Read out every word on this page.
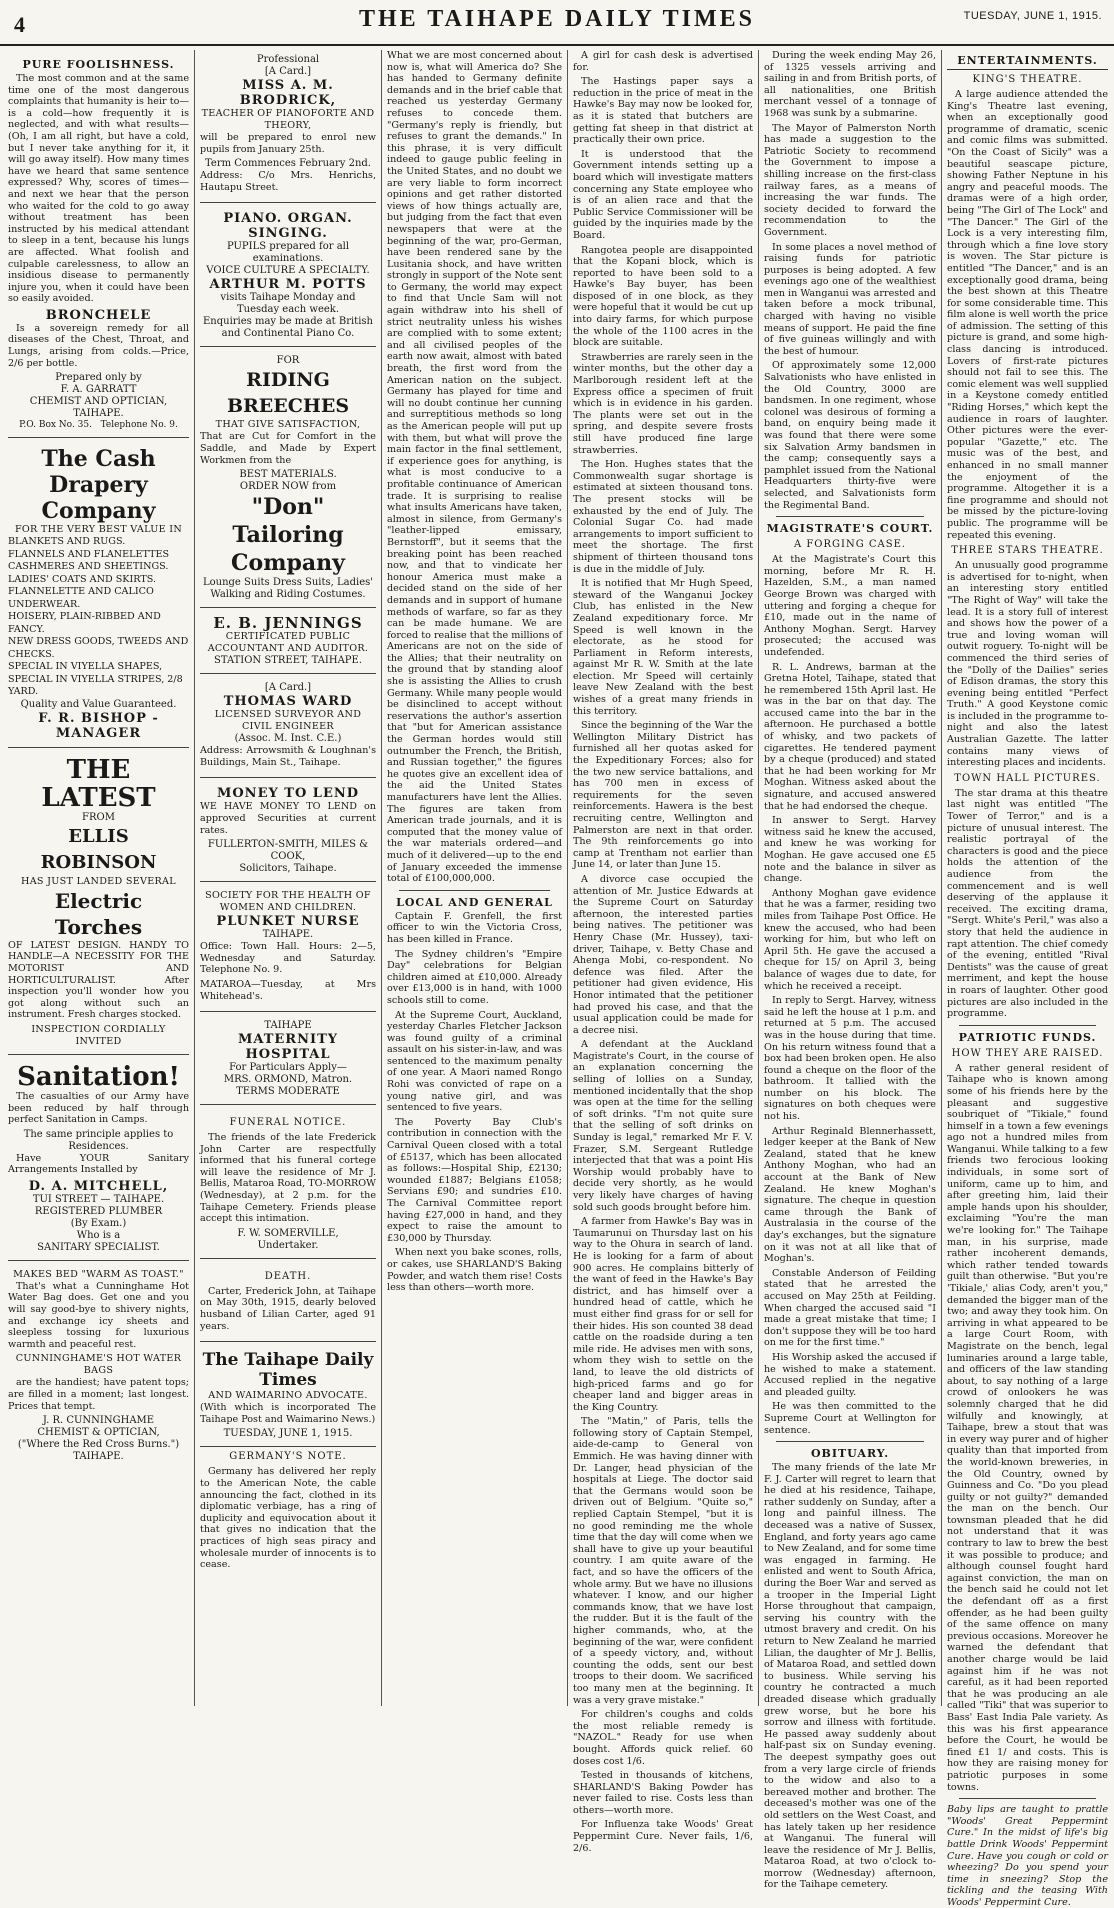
4	THE TAIHAPE DAILY TIMES	TUESDAY, JUNE 1, 1915.
PURE FOOLISHNESS.
The most common and at the same time one of the most dangerous complaints that humanity is heir to—is a cold—how frequently it is neglected, and with what results—(Oh, I am all right, but have a cold, but I never take anything for it, it will go away itself). How many times have we heard that same sentence expressed? Why, scores of times—and next we hear that the person who waited for the cold to go away without treatment has been instructed by his medical attendant to sleep in a tent, because his lungs are affected. What foolish and culpable carelessness, to allow an insidious disease to permanently injure you, when it could have been so easily avoided.
BRONCHELE
Is a sovereign remedy for all diseases of the Chest, Throat, and Lungs, arising from colds.—Price, 2/6 per bottle.
Prepared only by
F. A. GARRATT
CHEMIST AND OPTICIAN,
TAIHAPE.
P.O. Box No. 35. Telephone No. 9.
The Cash Drapery Company
FOR THE VERY BEST VALUE IN
BLANKETS AND RUGS.
FLANNELS AND FLANELETTES
CASHMERES AND SHEETINGS.
LADIES' COATS AND SKIRTS.
FLANNELETTE AND CALICO UNDERWEAR.
HOISERY, PLAIN-RIBBED AND FANCY.
NEW DRESS GOODS, TWEEDS AND CHECKS.
SPECIAL IN VIYELLA SHAPES,
SPECIAL IN VIYELLA STRIPES, 2/8 YARD.
Quality and Value Guaranteed.
F. R. BISHOP - MANAGER
THE LATEST
FROM
ELLIS ROBINSON
HAS JUST LANDED SEVERAL
Electric Torches
OF LATEST DESIGN. HANDY TO HANDLE—A NECESSITY FOR THE MOTORIST AND HORTICULTURALIST. After inspection you'll wonder how you got along without such an instrument. Fresh charges stocked.
INSPECTION CORDIALLY INVITED
Sanitation!
The casualties of our Army have been reduced by half through perfect Sanitation in Camps.
The same principle applies to Residences.
Have YOUR Sanitary Arrangements Installed by
D. A. MITCHELL,
TUI STREET — TAIHAPE.
REGISTERED PLUMBER
(By Exam.)
Who is a
SANITARY SPECIALIST.
MAKES BED "WARM AS TOAST."
That's what a Cunninghame Hot Water Bag does. Get one and you will say good-bye to shivery nights, and exchange icy sheets and sleepless tossing for luxurious warmth and peaceful rest.
CUNNINGHAME'S HOT WATER BAGS
are the handiest; have patent tops; are filled in a moment; last longest. Prices that tempt.
J. R. CUNNINGHAME
CHEMIST & OPTICIAN,
("Where the Red Cross Burns.")
TAIHAPE.
Professional
[A Card.]
MISS A. M. BRODRICK,
TEACHER OF PIANOFORTE AND THEORY,
will be prepared to enrol new pupils from January 25th.
Term Commences February 2nd.
Address: C/o Mrs. Henrichs, Hautapu Street.
PIANO. ORGAN. SINGING.
PUPILS prepared for all examinations.
VOICE CULTURE A SPECIALTY.
ARTHUR M. POTTS
visits Taihape Monday and Tuesday each week.
Enquiries may be made at British and Continental Piano Co.
FOR
RIDING BREECHES
THAT GIVE SATISFACTION,
That are Cut for Comfort in the Saddle, and Made by Expert Workmen from the
BEST MATERIALS.
ORDER NOW from
"Don" Tailoring Company
Lounge Suits Dress Suits, Ladies' Walking and Riding Costumes.
E. B. JENNINGS
CERTIFICATED PUBLIC ACCOUNTANT AND AUDITOR.
STATION STREET, TAIHAPE.
[A Card.]
THOMAS WARD
LICENSED SURVEYOR AND CIVIL ENGINEER
(Assoc. M. Inst. C.E.)
Address: Arrowsmith & Loughnan's Buildings, Main St., Taihape.
MONEY TO LEND
WE HAVE MONEY TO LEND on approved Securities at current rates.
FULLERTON-SMITH, MILES & COOK,
Solicitors, Taihape.
SOCIETY FOR THE HEALTH OF WOMEN AND CHILDREN.
PLUNKET NURSE
TAIHAPE.
Office: Town Hall. Hours: 2—5, Wednesday and Saturday. Telephone No. 9.
MATAROA—Tuesday, at Mrs Whitehead's.
TAIHAPE
MATERNITY HOSPITAL
For Particulars Apply—
MRS. ORMOND, Matron.
TERMS MODERATE
FUNERAL NOTICE.
The friends of the late Frederick John Carter are respectfully informed that his funeral cortege will leave the residence of Mr J. Bellis, Mataroa Road, TO-MORROW (Wednesday), at 2 p.m. for the Taihape Cemetery. Friends please accept this intimation.
F. W. SOMERVILLE,
Undertaker.
DEATH.
Carter, Frederick John, at Taihape on May 30th, 1915, dearly beloved husband of Lilian Carter, aged 91 years.
The Taihape Daily Times
AND WAIMARINO ADVOCATE.
(With which is incorporated The Taihape Post and Waimarino News.)
TUESDAY, JUNE 1, 1915.
GERMANY'S NOTE.
Germany has delivered her reply to the American Note, the cable announcing the fact, clothed in its diplomatic verbiage, has a ring of duplicity and equivocation about it that gives no indication that the practices of high seas piracy and wholesale murder of innocents is to cease.
What we are most concerned about now is, what will America do? She has handed to Germany definite demands and in the brief cable that reached us yesterday Germany refuses to concede them. "Germany's reply is friendly, but refuses to grant the demands." In this phrase, it is very difficult indeed to gauge public feeling in the United States, and no doubt we are very liable to form incorrect opinions and get rather distorted views of how things actually are, but judging from the fact that even newspapers that were at the beginning of the war, pro-German, have been rendered sane by the Lusitania shock, and have written strongly in support of the Note sent to Germany, the world may expect to find that Uncle Sam will not again withdraw into his shell of strict neutrality unless his wishes are complied with to some extent; and all civilised peoples of the earth now await, almost with bated breath, the first word from the American nation on the subject. Germany has played for time and will no doubt continue her cunning and surreptitious methods so long as the American people will put up with them, but what will prove the main factor in the final settlement, if experience goes for anything, is what is most conducive to a profitable continuance of American trade. It is surprising to realise what insults Americans have taken, almost in silence, from Germany's "leather-lipped emissary, Bernstorff", but it seems that the breaking point has been reached now, and that to vindicate her honour America must make a decided stand on the side of her demands and in support of humane methods of warfare, so far as they can be made humane. We are forced to realise that the millions of Americans are not on the side of the Allies; that their neutrality on the ground that by standing aloof she is assisting the Allies to crush Germany. While many people would be disinclined to accept without reservations the author's assertion that "but for American assistance the German hordes would still outnumber the French, the British, and Russian together," the figures he quotes give an excellent idea of the aid the United States manufacturers have lent the Allies. The figures are taken from American trade journals, and it is computed that the money value of the war materials ordered—and much of it delivered—up to the end of January exceeded the immense total of £100,000,000.
LOCAL AND GENERAL
Captain F. Grenfell, the first officer to win the Victoria Cross, has been killed in France.
The Sydney children's "Empire Day" celebrations for Belgian children aimed at £10,000. Already over £13,000 is in hand, with 1000 schools still to come.
At the Supreme Court, Auckland, yesterday Charles Fletcher Jackson was found guilty of a criminal assault on his sister-in-law, and was sentenced to the maximum penalty of one year. A Maori named Rongo Rohi was convicted of rape on a young native girl, and was sentenced to five years.
The Poverty Bay Club's contribution in connection with the Carnival Queen closed with a total of £5137, which has been allocated as follows:—Hospital Ship, £2130; wounded £1887; Belgians £1058; Servians £90; and sundries £10. The Carnival Committee report having £27,000 in hand, and they expect to raise the amount to £30,000 by Thursday.
When next you bake scones, rolls, or cakes, use SHARLAND'S Baking Powder, and watch them rise! Costs less than others—worth more.
A girl for cash desk is advertised for.
The Hastings paper says a reduction in the price of meat in the Hawke's Bay may now be looked for, as it is stated that butchers are getting fat sheep in that district at practically their own price.
It is understood that the Government intends setting up a board which will investigate matters concerning any State employee who is of an alien race and that the Public Service Commissioner will be guided by the inquiries made by the Board.
Rangotea people are disappointed that the Kopani block, which is reported to have been sold to a Hawke's Bay buyer, has been disposed of in one block, as they were hopeful that it would be cut up into dairy farms, for which purpose the whole of the 1100 acres in the block are suitable.
Strawberries are rarely seen in the winter months, but the other day a Marlborough resident left at the Express office a specimen of fruit which is in evidence in his garden. The plants were set out in the spring, and despite severe frosts still have produced fine large strawberries.
The Hon. Hughes states that the Commonwealth sugar shortage is estimated at sixteen thousand tons. The present stocks will be exhausted by the end of July. The Colonial Sugar Co. had made arrangements to import sufficient to meet the shortage. The first shipment of thirteen thousand tons is due in the middle of July.
It is notified that Mr Hugh Speed, steward of the Wanganui Jockey Club, has enlisted in the New Zealand expeditionary force. Mr Speed is well known in the electorate, as he stood for Parliament in Reform interests, against Mr R. W. Smith at the late election. Mr Speed will certainly leave New Zealand with the best wishes of a great many friends in this territory.
Since the beginning of the War the Wellington Military District has furnished all her quotas asked for the Expeditionary Forces; also for the two new service battalions, and has 700 men in excess of requirements for the seven reinforcements. Hawera is the best recruiting centre, Wellington and Palmerston are next in that order. The 9th reinforcements go into camp at Trentham not earlier than June 14, or later than June 15.
A divorce case occupied the attention of Mr. Justice Edwards at the Supreme Court on Saturday afternoon, the interested parties being natives. The petitioner was Henry Chase (Mr. Hussey), taxi-driver, Taihape, v. Betty Chase and Ahenga Mobi, co-respondent. No defence was filed. After the petitioner had given evidence, His Honor intimated that the petitioner had proved his case, and that the usual application could be made for a decree nisi.
A defendant at the Auckland Magistrate's Court, in the course of an explanation concerning the selling of lollies on a Sunday, mentioned incidentally that the shop was open at the time for the selling of soft drinks. "I'm not quite sure that the selling of soft drinks on Sunday is legal," remarked Mr F. V. Frazer, S.M. Sergeant Rutledge interjected that that was a point His Worship would probably have to decide very shortly, as he would very likely have charges of having sold such goods brought before him.
A farmer from Hawke's Bay was in Taumarunui on Thursday last on his way to the Ohura in search of land. He is looking for a farm of about 900 acres. He complains bitterly of the want of feed in the Hawke's Bay district, and has himself over a hundred head of cattle, which he must either find grass for or sell for their hides. His son counted 38 dead cattle on the roadside during a ten mile ride. He advises men with sons, whom they wish to settle on the land, to leave the old districts of high-priced farms and go for cheaper land and bigger areas in the King Country.
The "Matin," of Paris, tells the following story of Captain Stempel, aide-de-camp to General von Emmich. He was having dinner with Dr. Langer, head physician of the hospitals at Liege. The doctor said that the Germans would soon be driven out of Belgium. "Quite so," replied Captain Stempel, "but it is no good reminding me the whole time that the day will come when we shall have to give up your beautiful country. I am quite aware of the fact, and so have the officers of the whole army. But we have no illusions whatever. I know, and our higher commands know, that we have lost the rudder. But it is the fault of the higher commands, who, at the beginning of the war, were confident of a speedy victory, and, without counting the odds, sent our best troops to their doom. We sacrificed too many men at the beginning. It was a very grave mistake."
For children's coughs and colds the most reliable remedy is "NAZOL." Ready for use when bought. Affords quick relief. 60 doses cost 1/6.
Tested in thousands of kitchens, SHARLAND'S Baking Powder has never failed to rise. Costs less than others—worth more.
For Influenza take Woods' Great Peppermint Cure. Never fails, 1/6, 2/6.
During the week ending May 26, of 1325 vessels arriving and sailing in and from British ports, of all nationalities, one British merchant vessel of a tonnage of 1968 was sunk by a submarine.
The Mayor of Palmerston North has made a suggestion to the Patriotic Society to recommend the Government to impose a shilling increase on the first-class railway fares, as a means of increasing the war funds. The society decided to forward the recommendation to the Government.
In some places a novel method of raising funds for patriotic purposes is being adopted. A few evenings ago one of the wealthiest men in Wanganui was arrested and taken before a mock tribunal, charged with having no visible means of support. He paid the fine of five guineas willingly and with the best of humour.
Of approximately some 12,000 Salvationists who have enlisted in the Old Country, 3000 are bandsmen. In one regiment, whose colonel was desirous of forming a band, on enquiry being made it was found that there were some six Salvation Army bandsmen in the camp; consequently says a pamphlet issued from the National Headquarters thirty-five were selected, and Salvationists form the Regimental Band.
MAGISTRATE'S COURT.
A FORGING CASE.
At the Magistrate's Court this morning, before Mr R. H. Hazelden, S.M., a man named George Brown was charged with uttering and forging a cheque for £10, made out in the name of Anthony Moghan. Sergt. Harvey prosecuted; the accused was undefended.
R. L. Andrews, barman at the Gretna Hotel, Taihape, stated that he remembered 15th April last. He was in the bar on that day. The accused came into the bar in the afternoon. He purchased a bottle of whisky, and two packets of cigarettes. He tendered payment by a cheque (produced) and stated that he had been working for Mr Moghan. Witness asked about the signature, and accused answered that he had endorsed the cheque.
In answer to Sergt. Harvey witness said he knew the accused, and knew he was working for Moghan. He gave accused one £5 note and the balance in silver as change.
Anthony Moghan gave evidence that he was a farmer, residing two miles from Taihape Post Office. He knew the accused, who had been working for him, but who left on April 5th. He gave the accused a cheque for 15/ on April 3, being balance of wages due to date, for which he received a receipt.
In reply to Sergt. Harvey, witness said he left the house at 1 p.m. and returned at 5 p.m. The accused was in the house during that time. On his return witness found that a box had been broken open. He also found a cheque on the floor of the bathroom. It tallied with the number on his block. The signatures on both cheques were not his.
Arthur Reginald Blennerhassett, ledger keeper at the Bank of New Zealand, stated that he knew Anthony Moghan, who had an account at the Bank of New Zealand. He knew Moghan's signature. The cheque in question came through the Bank of Australasia in the course of the day's exchanges, but the signature on it was not at all like that of Moghan's.
Constable Anderson of Feilding stated that he arrested the accused on May 25th at Feilding. When charged the accused said "I made a great mistake that time; I don't suppose they will be too hard on me for the first time."
His Worship asked the accused if he wished to make a statement. Accused replied in the negative and pleaded guilty.
He was then committed to the Supreme Court at Wellington for sentence.
OBITUARY.
The many friends of the late Mr F. J. Carter will regret to learn that he died at his residence, Taihape, rather suddenly on Sunday, after a long and painful illness. The deceased was a native of Sussex, England, and forty years ago came to New Zealand, and for some time was engaged in farming. He enlisted and went to South Africa, during the Boer War and served as a trooper in the Imperial Light Horse throughout that campaign, serving his country with the utmost bravery and credit. On his return to New Zealand he married Lilian, the daughter of Mr J. Bellis, of Mataroa Road, and settled down to business. While serving his country he contracted a much dreaded disease which gradually grew worse, but he bore his sorrow and illness with fortitude. He passed away suddenly about half-past six on Sunday evening. The deepest sympathy goes out from a very large circle of friends to the widow and also to a bereaved mother and brother. The deceased's mother was one of the old settlers on the West Coast, and has lately taken up her residence at Wanganui. The funeral will leave the residence of Mr J. Bellis, Mataroa Road, at two o'clock to-morrow (Wednesday) afternoon, for the Taihape cemetery.
ENTERTAINMENTS.
KING'S THEATRE.
A large audience attended the King's Theatre last evening, when an exceptionally good programme of dramatic, scenic and comic films was submitted. "On the Coast of Sicily" was a beautiful seascape picture, showing Father Neptune in his angry and peaceful moods. The dramas were of a high order, being "The Girl of The Lock" and "The Dancer." The Girl of the Lock is a very interesting film, through which a fine love story is woven. The Star picture is entitled "The Dancer," and is an exceptionally good drama, being the best shown at this Theatre for some considerable time. This film alone is well worth the price of admission. The setting of this picture is grand, and some high-class dancing is introduced. Lovers of first-rate pictures should not fail to see this. The comic element was well supplied in a Keystone comedy entitled "Riding Horses," which kept the audience in roars of laughter. Other pictures were the ever-popular "Gazette," etc. The music was of the best, and enhanced in no small manner the enjoyment of the programme. Altogether it is a fine programme and should not be missed by the picture-loving public. The programme will be repeated this evening.
THREE STARS THEATRE.
An unusually good programme is advertised for to-night, when an interesting story entitled "The Right of Way" will take the lead. It is a story full of interest and shows how the power of a true and loving woman will outwit roguery. To-night will be commenced the third series of the "Dolly of the Dailies" series of Edison dramas, the story this evening being entitled "Perfect Truth." A good Keystone comic is included in the programme to-night and also the latest Australian Gazette. The latter contains many views of interesting places and incidents.
TOWN HALL PICTURES.
The star drama at this theatre last night was entitled "The Tower of Terror," and is a picture of unusual interest. The realistic portrayal of the characters is good and the piece holds the attention of the audience from the commencement and is well deserving of the applause it received. The exciting drama, "Sergt. White's Peril," was also a story that held the audience in rapt attention. The chief comedy of the evening, entitled "Rival Dentists" was the cause of great merriment, and kept the house in roars of laughter. Other good pictures are also included in the programme.
PATRIOTIC FUNDS.
HOW THEY ARE RAISED.
A rather general resident of Taihape who is known among some of his friends here by the pleasant and suggestive soubriquet of "Tikiale," found himself in a town a few evenings ago not a hundred miles from Wanganui. While talking to a few friends two ferocious looking individuals, in some sort of uniform, came up to him, and after greeting him, laid their ample hands upon his shoulder, exclaiming "You're the man we're looking for." The Taihape man, in his surprise, made rather incoherent demands, which rather tended towards guilt than otherwise. "But you're 'Tikiale,' alias Cody, aren't you," demanded the bigger man of the two; and away they took him. On arriving in what appeared to be a large Court Room, with Magistrate on the bench, legal luminaries around a large table, and officers of the law standing about, to say nothing of a large crowd of onlookers he was solemnly charged that he did wilfully and knowingly, at Taihape, brew a stout that was in every way purer and of higher quality than that imported from the world-known breweries, in the Old Country, owned by Guinness and Co. "Do you plead guilty or not guilty?" demanded the man on the bench. Our townsman pleaded that he did not understand that it was contrary to law to brew the best it was possible to produce; and although counsel fought hard against conviction, the man on the bench said he could not let the defendant off as a first offender, as he had been guilty of the same offence on many previous occasions. Moreover he warned the defendant that another charge would be laid against him if he was not careful, as it had been reported that he was producing an ale called "Tiki" that was superior to Bass' East India Pale variety. As this was his first appearance before the Court, he would be fined £1 1/ and costs. This is how they are raising money for patriotic purposes in some towns.
Baby lips are taught to prattle "Woods' Great Peppermint Cure." In the midst of life's big battle Drink Woods' Peppermint Cure. Have you cough or cold or wheezing? Do you spend your time in sneezing? Stop the tickling and the teasing With Woods' Peppermint Cure.
